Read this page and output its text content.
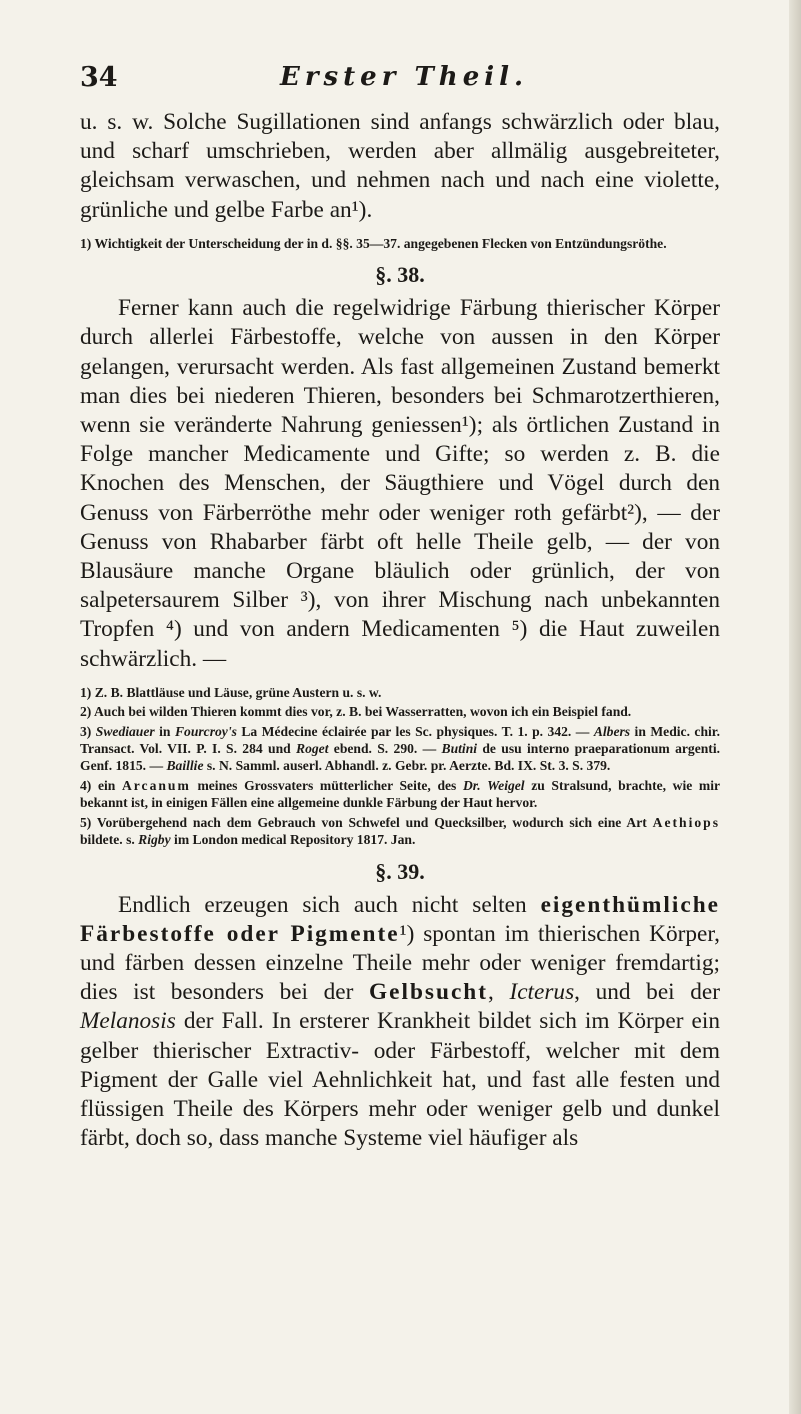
34	Erster Theil.

u. s. w. Solche Sugillationen sind anfangs schwärzlich oder blau, und scharf umschrieben, werden aber allmälig ausgebreiteter, gleichsam verwaschen, und nehmen nach und nach eine violette, grünliche und gelbe Farbe an¹).

1) Wichtigkeit der Unterscheidung der in d. §§. 35—37. angegebenen Flecken von Entzündungsröthe.

§. 38.

Ferner kann auch die regelwidrige Färbung thierischer Körper durch allerlei Färbestoffe, welche von aussen in den Körper gelangen, verursacht werden. Als fast allgemeinen Zustand bemerkt man dies bei niederen Thieren, besonders bei Schmarotzerthieren, wenn sie veränderte Nahrung geniessen¹); als örtlichen Zustand in Folge mancher Medicamente und Gifte; so werden z. B. die Knochen des Menschen, der Säugthiere und Vögel durch den Genuss von Färberröthe mehr oder weniger roth gefärbt²), — der Genuss von Rhabarber färbt oft helle Theile gelb, — der von Blausäure manche Organe bläulich oder grünlich, der von salpetersaurem Silber ³), von ihrer Mischung nach unbekannten Tropfen ⁴) und von andern Medicamenten ⁵) die Haut zuweilen schwärzlich. —

1) Z. B. Blattläuse und Läuse, grüne Austern u. s. w.

2) Auch bei wilden Thieren kommt dies vor, z. B. bei Wasserratten, wovon ich ein Beispiel fand.

3) Swediauer in Fourcroy's La Médecine éclairée par les Sc. physiques. T. 1. p. 342. — Albers in Medic. chir. Transact. Vol. VII. P. I. S. 284 und Roget ebend. S. 290. — Butini de usu interno praeparationum argenti. Genf. 1815. — Baillie s. N. Samml. auserl. Abhandl. z. Gebr. pr. Aerzte. Bd. IX. St. 3. S. 379.

4) ein Arcanum meines Grossvaters mütterlicher Seite, des Dr. Weigel zu Stralsund, brachte, wie mir bekannt ist, in einigen Fällen eine allgemeine dunkle Färbung der Haut hervor.

5) Vorübergehend nach dem Gebrauch von Schwefel und Quecksilber, wodurch sich eine Art Aethiops bildete. s. Rigby im London medical Repository 1817. Jan.

§. 39.

Endlich erzeugen sich auch nicht selten eigenthümliche Färbestoffe oder Pigmente¹) spontan im thierischen Körper, und färben dessen einzelne Theile mehr oder weniger fremdartig; dies ist besonders bei der Gelbsucht, Icterus, und bei der Melanosis der Fall. In ersterer Krankheit bildet sich im Körper ein gelber thierischer Extractiv- oder Färbestoff, welcher mit dem Pigment der Galle viel Aehnlichkeit hat, und fast alle festen und flüssigen Theile des Körpers mehr oder weniger gelb und dunkel färbt, doch so, dass manche Systeme viel häufiger als
